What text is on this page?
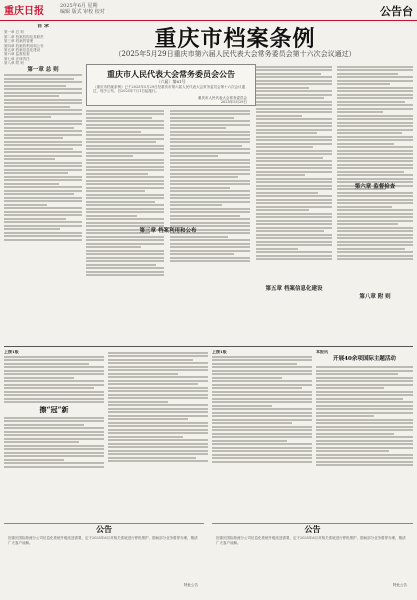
重庆日报	2025年6月 星期
编辑 版式 审校 校对	公告台
重庆市档案条例
（2025年5月29日重庆市第六届人民代表大会常务委员会第十六次会议通过）
目 录
第一章 总 则
第二章 档案机构及其职责
第三章 档案的管理
第四章 档案的利用和公布
第五章 档案信息化建设
第六章 监督检查
第七章 法律责任
第八章 附 则
第一章 总 则	重庆市人民代表大会常务委员会公告
〔六届〕第61号
《重庆市档案条例》已于2025年5月29日经重庆市第六届人民代表大会常务委员会第十六次会议通过，现予公布，自2025年7月1日起施行。
重庆市人民代表大会常务委员会
2025年5月29日
第三章 档案利用和公布
第五章 档案信息化建设
第六章 监督检查
第八章 附 则
上接1版
擦“冠”新
上接1版	本报讯
开展40余项国际主题活动
公告
因重庆国际物流分公司信息化系统升级改造需要，定于2025年6月对相关系统进行停机维护，期间部分业务暂停办理，敬请广大客户谅解。
特此公告
公告
因重庆国际物流分公司信息化系统升级改造需要，定于2025年6月对相关系统进行停机维护，期间部分业务暂停办理，敬请广大客户谅解。
特此公告
